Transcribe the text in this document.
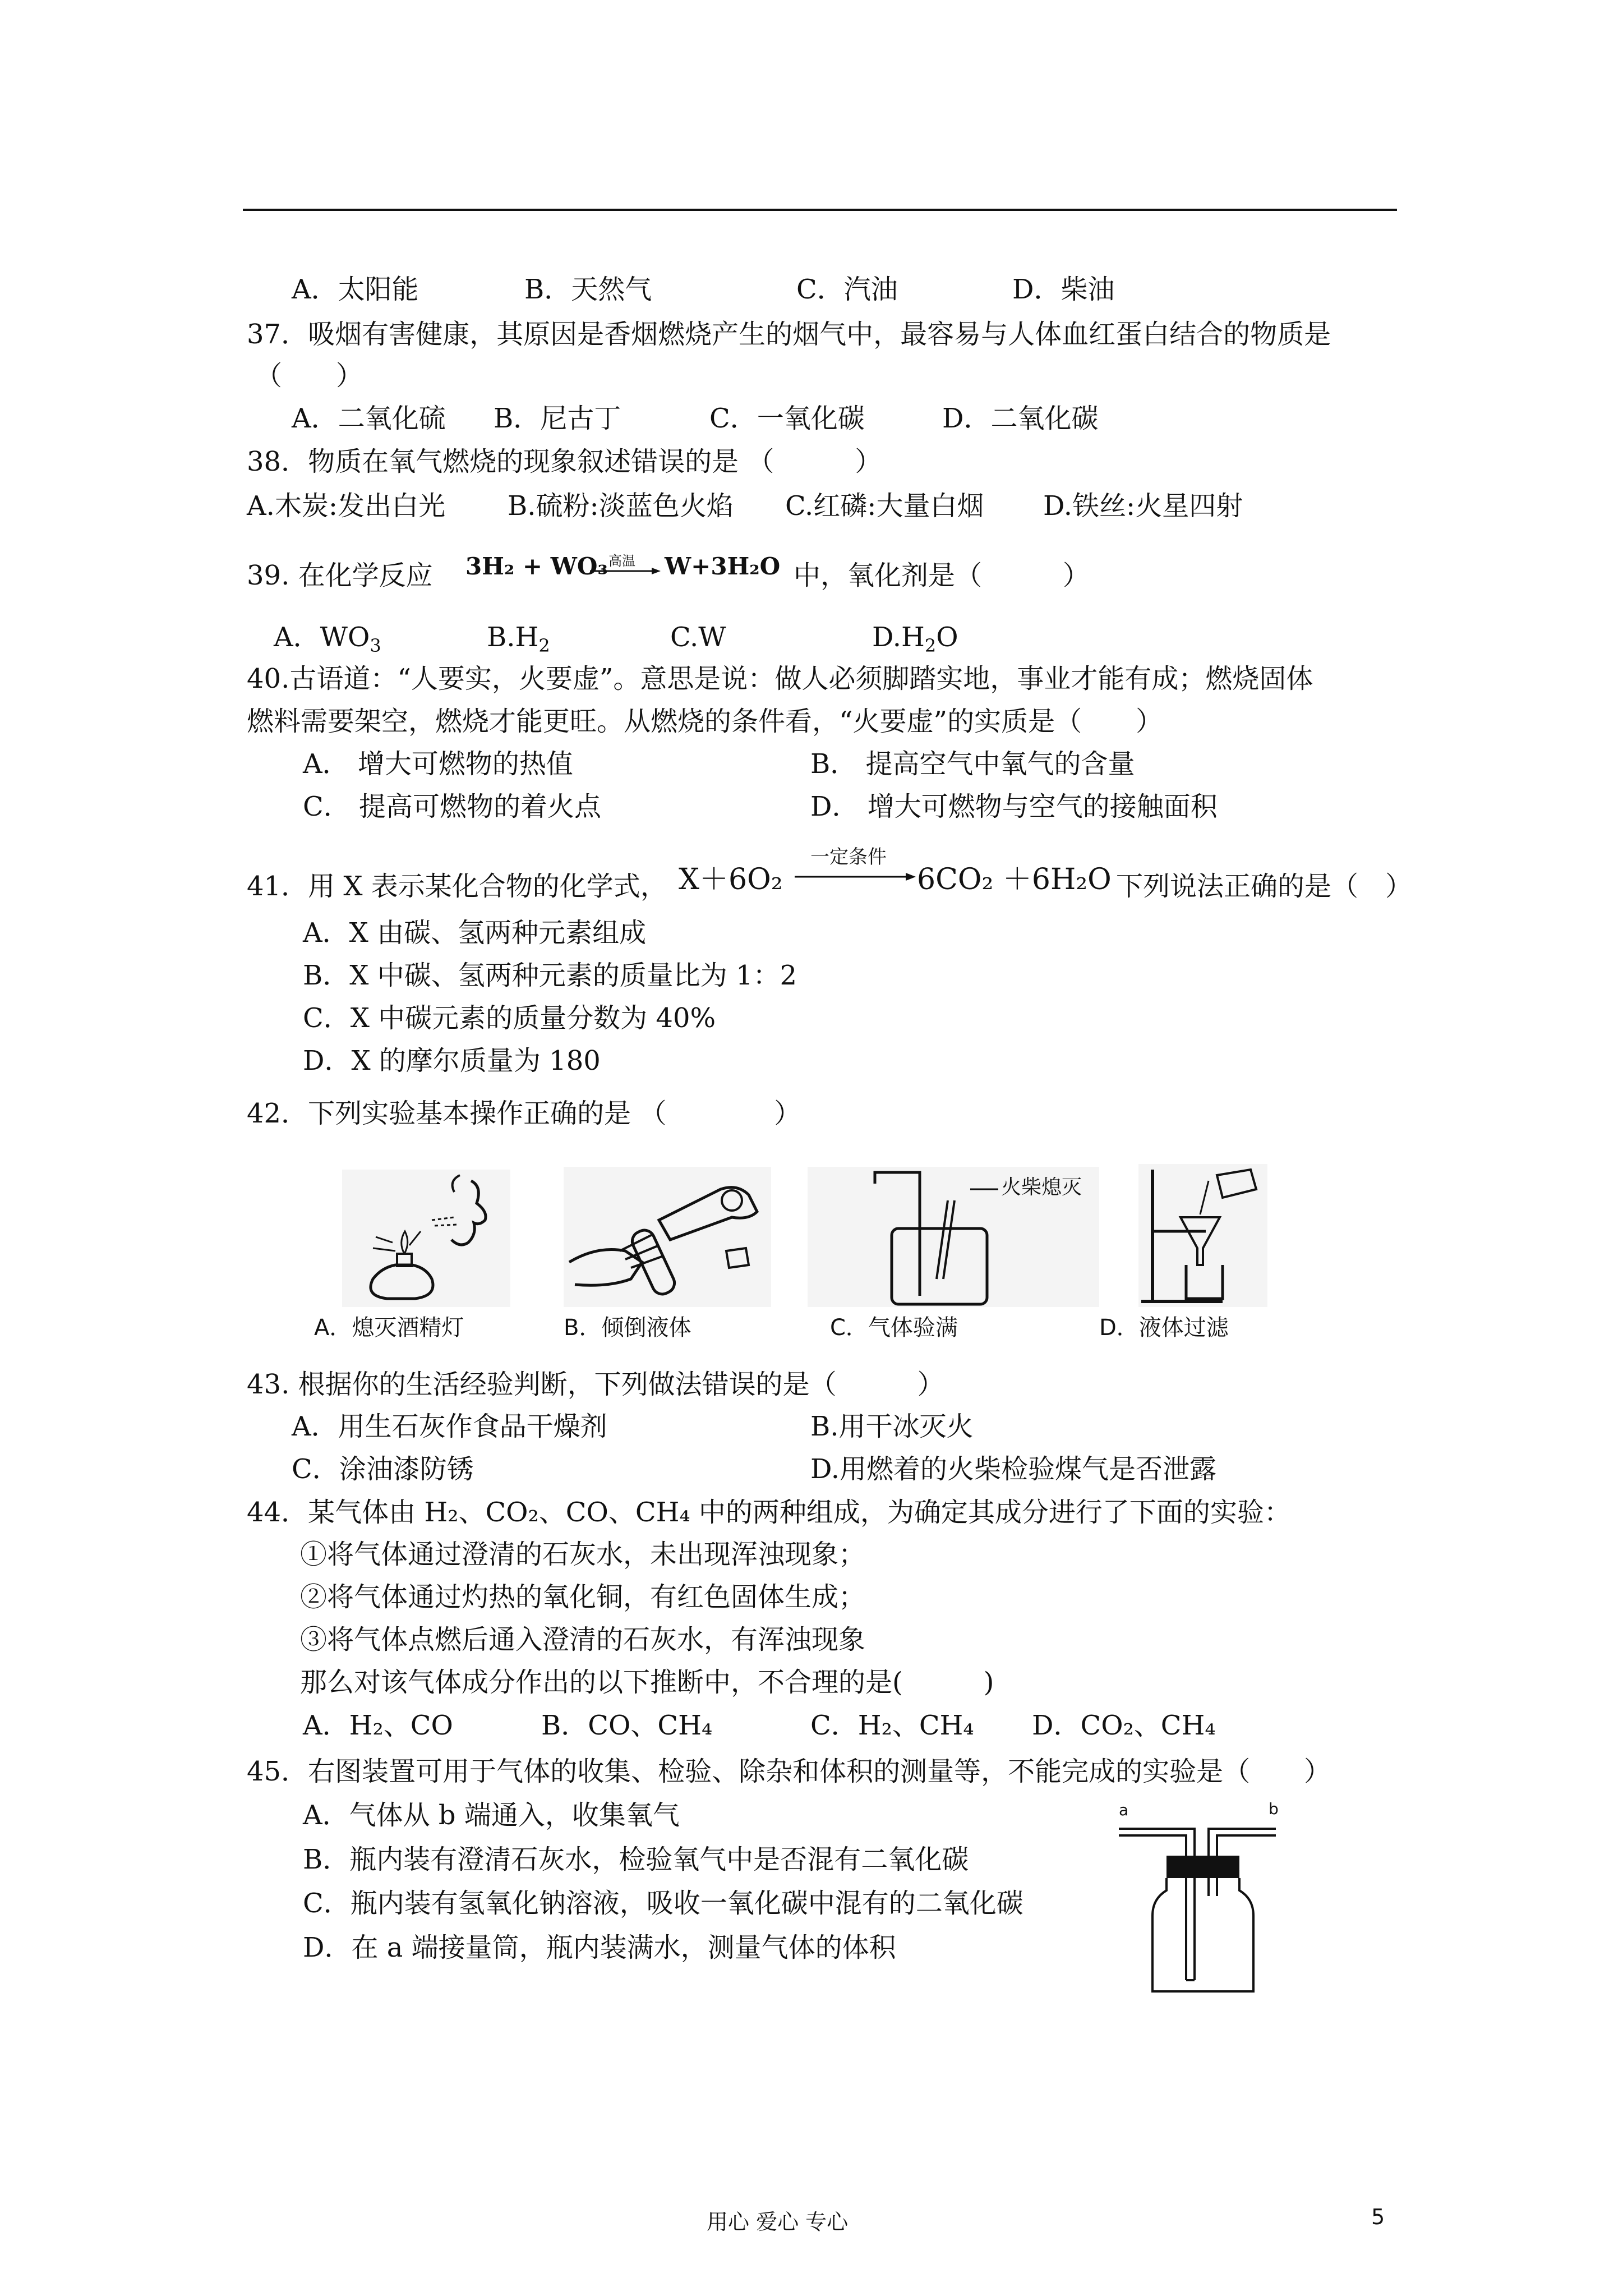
A．太阳能	B．天然气	C．汽油	D．柴油
37．吸烟有害健康，其原因是香烟燃烧产生的烟气中，最容易与人体血红蛋白结合的物质是
（　　）
A．二氧化硫 B．尼古丁	C．一氧化碳	D．二氧化碳
38．物质在氧气燃烧的现象叙述错误的是 （　　　）
A.木炭:发出白光 B.硫粉:淡蓝色火焰 C.红磷:大量白烟 D.铁丝:火星四射
39. 在化学反应 3H₂ + WO₃ 高温 W+3H₂O 中，氧化剂是（　　　）
A．$WO_3$	$B.H_2$	C.W	$D.H_2O$
40.古语道：“人要实，火要虚”。意思是说：做人必须脚踏实地，事业才能有成；燃烧固体
燃料需要架空，燃烧才能更旺。从燃烧的条件看，“火要虚”的实质是（　　）
A． 增大可燃物的热值	B． 提高空气中氧气的含量
C． 提高可燃物的着火点	D． 增大可燃物与空气的接触面积
41．用 X 表示某化合物的化学式， X＋6O₂
一定条件
6CO₂ ＋6H₂O 下列说法正确的是（　）
A．X 由碳、氢两种元素组成
B．X 中碳、氢两种元素的质量比为 1：2
C．X 中碳元素的质量分数为 40%
D．X 的摩尔质量为 180
42．下列实验基本操作正确的是 （　　　　）
A．熄灭酒精灯	B．倾倒液体
火柴熄灭
C．气体验满	D．液体过滤
43. 根据你的生活经验判断，下列做法错误的是（　　　）
A．用生石灰作食品干燥剂	B.用干冰灭火
C．涂油漆防锈	D.用燃着的火柴检验煤气是否泄露
44．某气体由 H₂、CO₂、CO、CH₄ 中的两种组成，为确定其成分进行了下面的实验：
①将气体通过澄清的石灰水，未出现浑浊现象；
②将气体通过灼热的氧化铜，有红色固体生成；
③将气体点燃后通入澄清的石灰水，有浑浊现象
那么对该气体成分作出的以下推断中，不合理的是(　　　)
A．H₂、CO	B．CO、CH₄	C．H₂、CH₄ D．CO₂、CH₄
45．右图装置可用于气体的收集、检验、除杂和体积的测量等，不能完成的实验是（　　）
A．气体从 b 端通入，收集氧气
B．瓶内装有澄清石灰水，检验氧气中是否混有二氧化碳
C．瓶内装有氢氧化钠溶液，吸收一氧化碳中混有的二氧化碳
D．在 a 端接量筒，瓶内装满水，测量气体的体积
a	b
用心 爱心 专心	5
